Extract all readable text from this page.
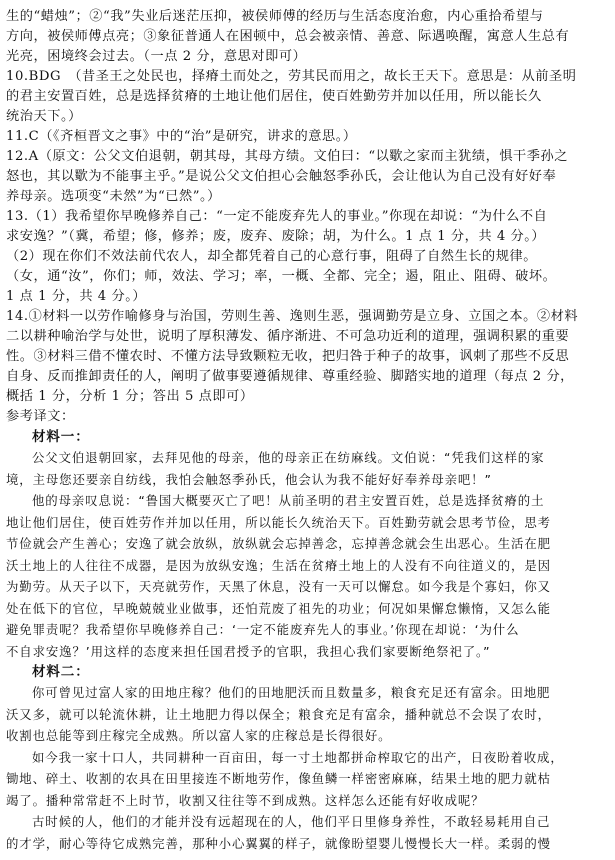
生的“蜡烛”；②“我”失业后迷茫压抑，被侯师傅的经历与生活态度治愈，内心重拾希望与
方向，被侯师傅点亮；③象征普通人在困顿中，总会被亲情、善意、际遇唤醒，寓意人生总有
光亮，困境终会过去。（一点 2 分，意思对即可）
10.BDG　（昔圣王之处民也，择瘠土而处之，劳其民而用之，故长王天下。意思是：从前圣明
的君主安置百姓，总是选择贫瘠的土地让他们居住，使百姓勤劳并加以任用，所以能长久
统治天下。）
11.C（《齐桓晋文之事》中的“治”是研究，讲求的意思。）
12.A（原文：公父文伯退朝，朝其母，其母方绩。文伯曰：“以歜之家而主犹绩，惧干季孙之
怒也，其以歜为不能事主乎。”是说公父文伯担心会触怒季孙氏，会让他认为自己没有好好奉
养母亲。选项变“未然”为“已然”。）
13.（1）我希望你早晚修养自己：“一定不能废弃先人的事业。”你现在却说：“为什么不自
求安逸？”（冀，希望；修，修养；废，废弃、废除；胡，为什么。1 点 1 分，共 4 分。）
（2）现在你们不效法前代农人，却全都凭着自己的心意行事，阻碍了自然生长的规律。
（女，通“汝”，你们；师，效法、学习；率，一概、全都、完全；遏，阻止、阻碍、破坏。
1 点 1 分，共 4 分。）
14.①材料一以劳作喻修身与治国，劳则生善、逸则生恶，强调勤劳是立身、立国之本。②材料
二以耕种喻治学与处世，说明了厚积薄发、循序渐进、不可急功近利的道理，强调积累的重要
性。③材料三借不懂农时、不懂方法导致颗粒无收，把归咎于种子的故事，讽刺了那些不反思
自身、反而推卸责任的人，阐明了做事要遵循规律、尊重经验、脚踏实地的道理（每点 2 分，
概括 1 分，分析 1 分；答出 5 点即可）
参考译文：
材料一：
公父文伯退朝回家，去拜见他的母亲，他的母亲正在纺麻线。文伯说：“凭我们这样的家
境，主母您还要亲自纺线，我怕会触怒季孙氏，他会认为我不能好好奉养母亲吧！”
他的母亲叹息说：“鲁国大概要灭亡了吧！从前圣明的君主安置百姓，总是选择贫瘠的土
地让他们居住，使百姓劳作并加以任用，所以能长久统治天下。百姓勤劳就会思考节俭，思考
节俭就会产生善心；安逸了就会放纵，放纵就会忘掉善念，忘掉善念就会生出恶心。生活在肥
沃土地上的人往往不成器，是因为放纵安逸；生活在贫瘠土地上的人没有不向往道义的，是因
为勤劳。从天子以下，天亮就劳作，天黑了休息，没有一天可以懈怠。如今我是个寡妇，你又
处在低下的官位，早晚兢兢业业做事，还怕荒废了祖先的功业；何况如果懈怠懒惰，又怎么能
避免罪责呢？我希望你早晚修养自己：‘一定不能废弃先人的事业。’你现在却说：‘为什么
不自求安逸？’用这样的态度来担任国君授予的官职，我担心我们家要断绝祭祀了。”
材料二：
你可曾见过富人家的田地庄稼？他们的田地肥沃而且数量多，粮食充足还有富余。田地肥
沃又多，就可以轮流休耕，让土地肥力得以保全；粮食充足有富余，播种就总不会误了农时，
收割也总能等到庄稼完全成熟。所以富人家的庄稼总是长得很好。
如今我一家十口人，共同耕种一百亩田，每一寸土地都拼命榨取它的出产，日夜盼着收成，
锄地、碎土、收割的农具在田里接连不断地劳作，像鱼鳞一样密密麻麻，结果土地的肥力就枯
竭了。播种常常赶不上时节，收割又往往等不到成熟。这样怎么还能有好收成呢？
古时候的人，他们的才能并没有远超现在的人，他们平日里修身养性，不敢轻易耗用自己
的才学，耐心等待它成熟完善，那种小心翼翼的样子，就像盼望婴儿慢慢长大一样。柔弱的慢
